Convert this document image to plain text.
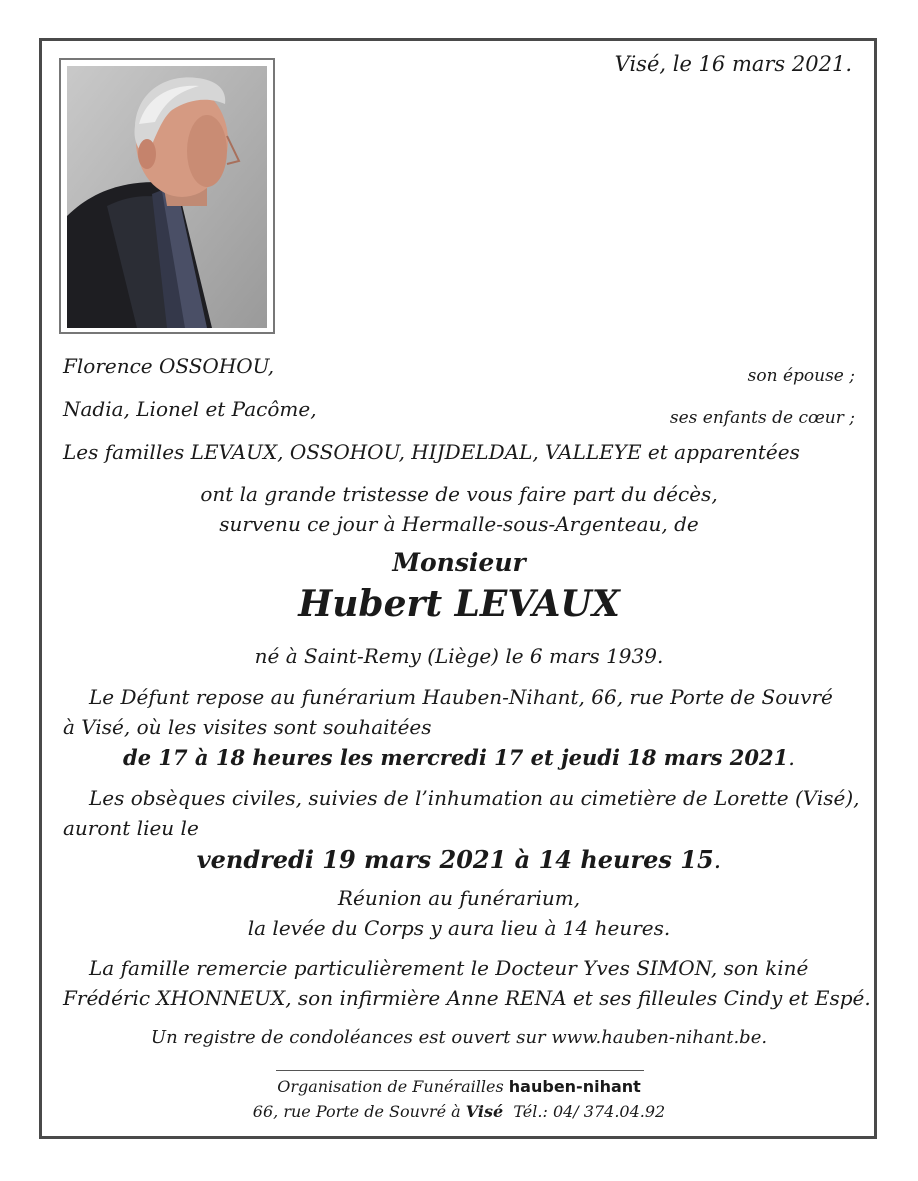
Visé, le 16 mars 2021.
Florence OSSOHOU,	son épouse ;
Nadia, Lionel et Pacôme,	ses enfants de cœur ;
Les familles LEVAUX, OSSOHOU, HIJDELDAL, VALLEYE et apparentées
ont la grande tristesse de vous faire part du décès,
survenu ce jour à Hermalle-sous-Argenteau, de
Monsieur
Hubert LEVAUX
né à Saint-Remy (Liège) le 6 mars 1939.
Le Défunt repose au funérarium Hauben-Nihant, 66, rue Porte de Souvré
à Visé, où les visites sont souhaitées
de 17 à 18 heures les mercredi 17 et jeudi 18 mars 2021.
Les obsèques civiles, suivies de l’inhumation au cimetière de Lorette (Visé),
auront lieu le
vendredi 19 mars 2021 à 14 heures 15.
Réunion au funérarium,
la levée du Corps y aura lieu à 14 heures.
La famille remercie particulièrement le Docteur Yves SIMON, son kiné
Frédéric XHONNEUX, son infirmière Anne RENA et ses filleules Cindy et Espé.
Un registre de condoléances est ouvert sur www.hauben-nihant.be.
Organisation de Funérailles hauben-nihant
66, rue Porte de Souvré à Visé  Tél.: 04/ 374.04.92
